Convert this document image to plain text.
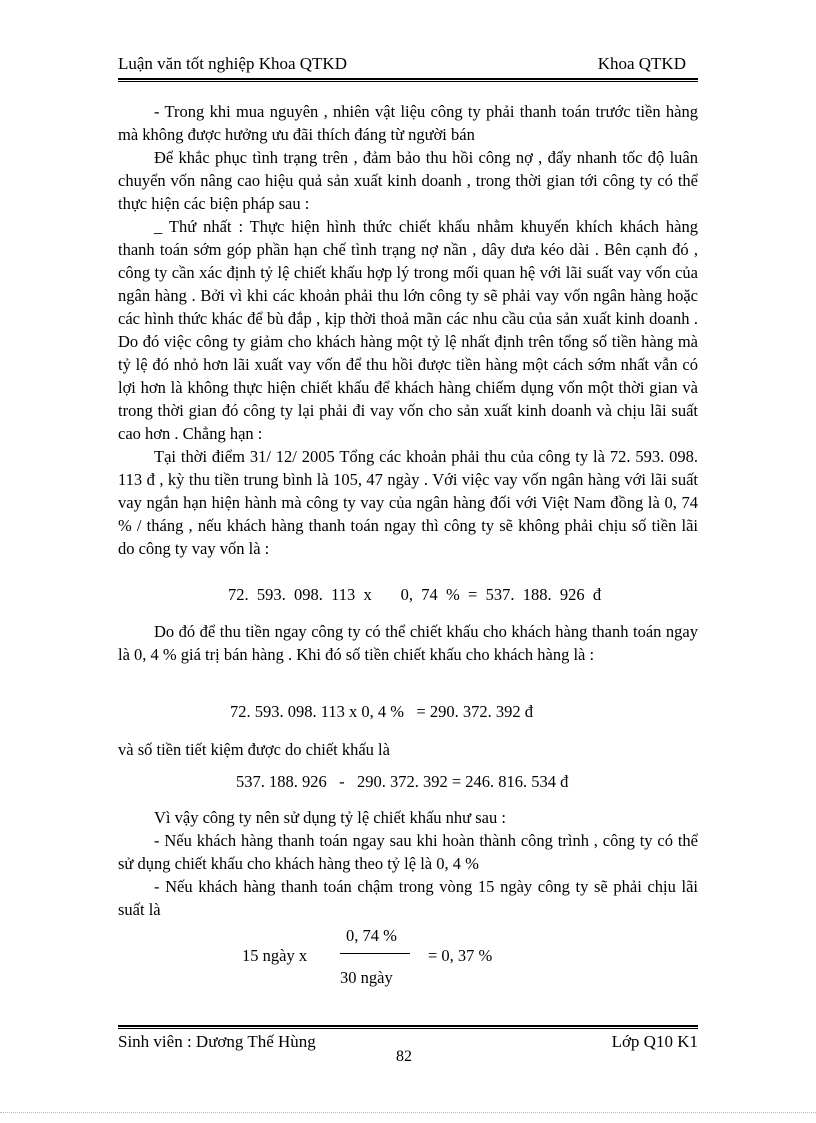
Luận văn tốt nghiệp Khoa QTKD	Khoa QTKD

- Trong khi mua nguyên , nhiên vật liệu công ty phải thanh toán trước tiền hàng mà không được hưởng ưu đãi thích đáng từ người bán

Để khắc phục tình trạng trên , đảm bảo thu hồi công nợ , đẩy nhanh tốc độ luân chuyển vốn nâng cao hiệu quả sản xuất kinh doanh , trong thời gian tới công ty có thể thực hiện các biện pháp sau :

_ Thứ nhất : Thực hiện hình thức chiết khấu nhằm khuyến khích khách hàng thanh toán sớm góp phần hạn chế tình trạng nợ nần , dây dưa kéo dài . Bên cạnh đó , công ty cần xác định tỷ lệ chiết khấu hợp lý trong mối quan hệ với lãi suất vay vốn của ngân hàng . Bởi vì khi các khoản phải thu lớn công ty sẽ phải vay vốn ngân hàng hoặc các hình thức khác để bù đắp , kịp thời thoả mãn các nhu cầu của sản xuất kinh doanh . Do đó việc công ty giảm cho khách hàng một tỷ lệ nhất định trên tổng số tiền hàng mà tỷ lệ đó nhỏ hơn lãi xuất vay vốn để thu hồi được tiền hàng một cách sớm nhất vẫn có lợi hơn là không thực hiện chiết khấu để khách hàng chiếm dụng vốn một thời gian và trong thời gian đó công ty lại phải đi vay vốn cho sản xuất kinh doanh và chịu lãi suất cao hơn . Chẳng hạn :

Tại thời điểm 31/ 12/ 2005 Tổng các khoản phải thu của công ty là 72. 593. 098. 113 đ , kỳ thu tiền trung bình là 105, 47 ngày . Với việc vay vốn ngân hàng với lãi suất vay ngắn hạn hiện hành mà công ty vay của ngân hàng đối với Việt Nam đồng là 0, 74 % / tháng , nếu khách hàng thanh toán ngay thì công ty sẽ không phải chịu số tiền lãi do công ty vay vốn là :

72.  593.  098.  113  x       0,  74  %  =  537.  188.  926  đ

Do đó để thu tiền ngay công ty có thể chiết khấu cho khách hàng thanh toán ngay là 0, 4 % giá trị bán hàng . Khi đó số tiền chiết khấu cho khách hàng là :

72. 593. 098. 113 x 0, 4 %   = 290. 372. 392 đ

và số tiền tiết kiệm được do chiết khấu là

537. 188. 926   -   290. 372. 392 = 246. 816. 534 đ

Vì vậy công ty nên sử dụng tỷ lệ chiết khấu như sau :

- Nếu khách hàng thanh toán ngay sau khi hoàn thành công trình , công ty có thể sử dụng chiết khấu cho khách hàng theo tỷ lệ là 0, 4 %

- Nếu khách hàng thanh toán chậm trong vòng 15 ngày công ty sẽ phải chịu lãi suất là

15 ngày x
0, 74 %
30 ngày
= 0, 37 %
Sinh viên : Dương Thế Hùng	Lớp Q10 K1
82
